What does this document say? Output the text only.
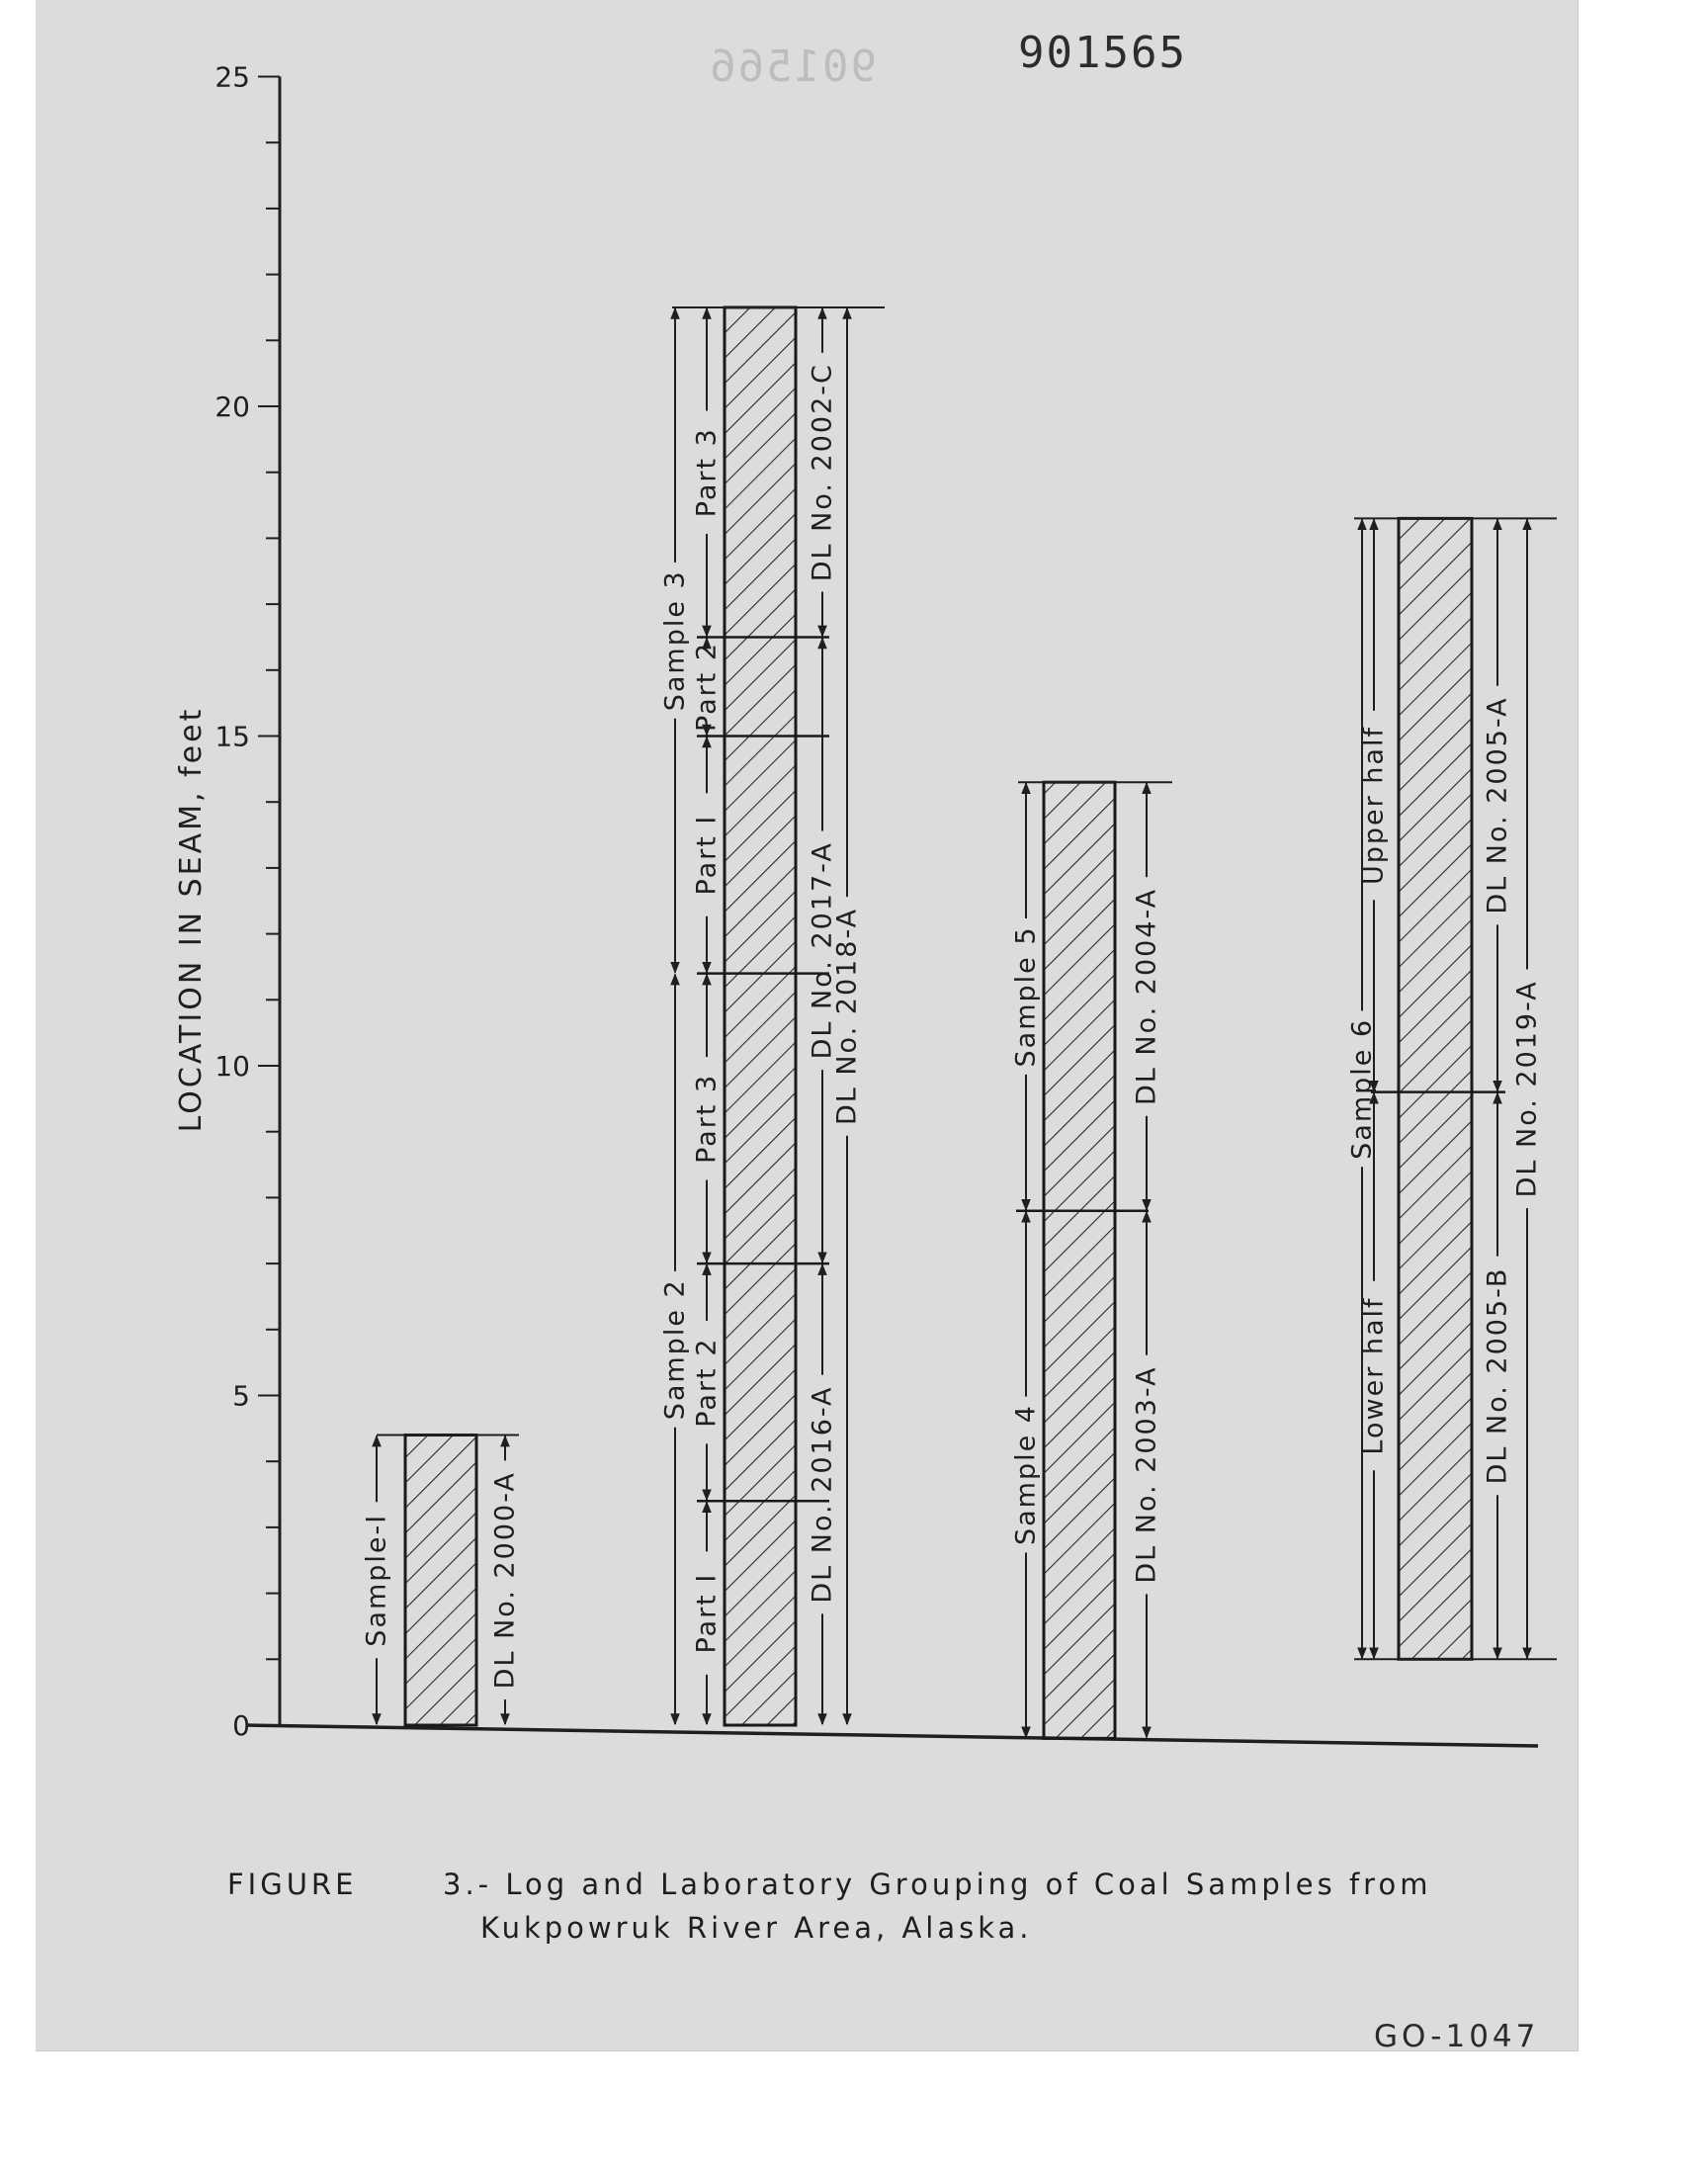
901566	901565
0
5
10
15
20
25
Sample-I	DL No. 2000-A	Part I
Part 2
Part 3
Part I
Part 2
Part 3
Sample 2
Sample 3
DL No. 2016-A
DL No. 2017-A
DL No. 2002-C
DL No. 2018-A
Sample 4
Sample 5
DL No. 2003-A
DL No. 2004-A
Lower half
Upper half
Sample 6
DL No. 2005-B
DL No. 2005-A
DL No. 2019-A
LOCATION IN SEAM, feet
FIGURE	3.- Log and Laboratory Grouping of Coal Samples from
Kukpowruk River Area, Alaska.
GO-1047
